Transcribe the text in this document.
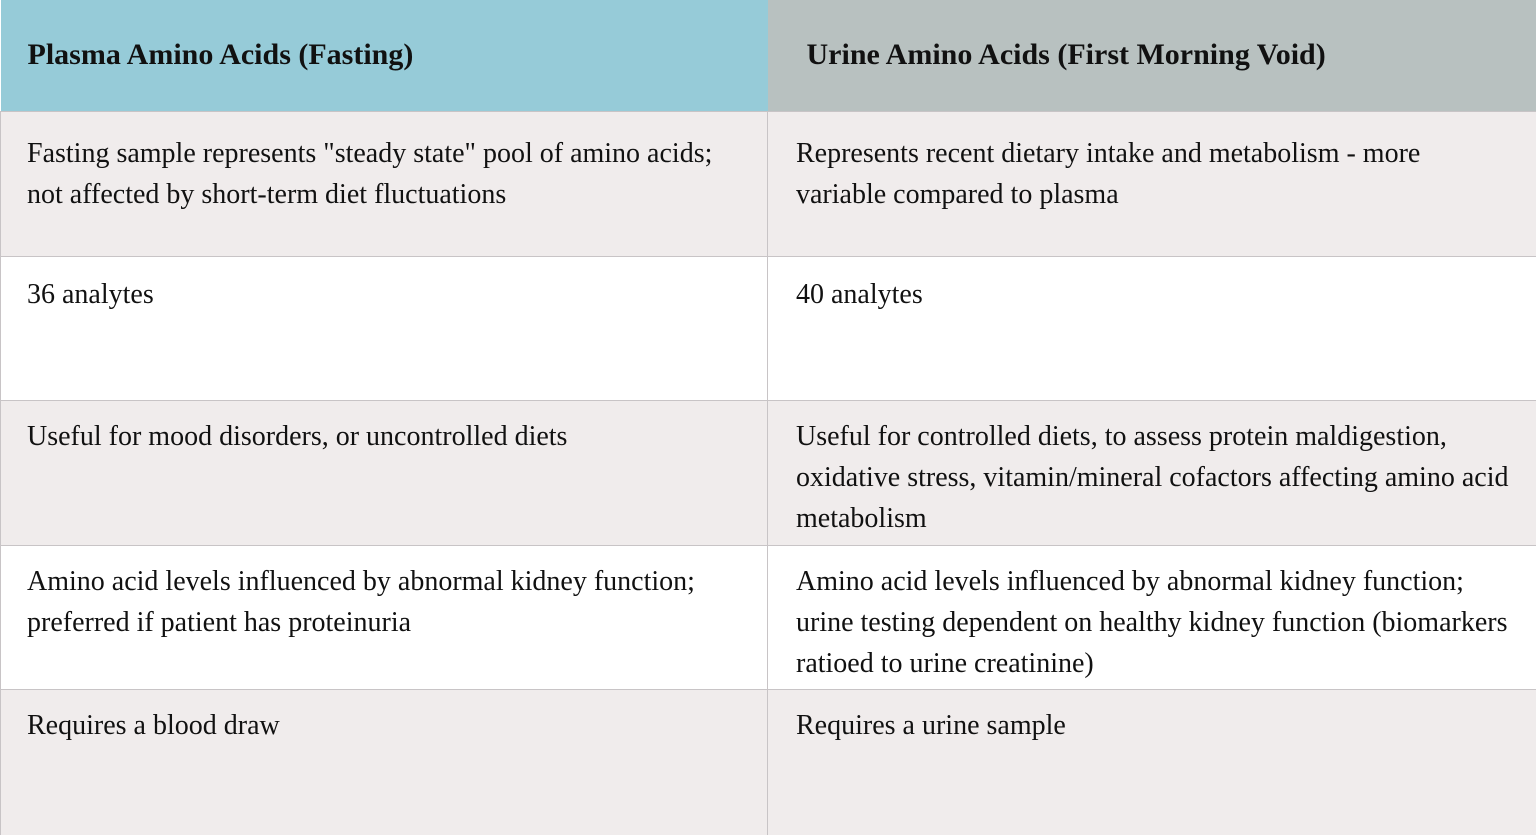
Plasma Amino Acids (Fasting)	Urine Amino Acids (First Morning Void)
Fasting sample represents "steady state" pool of amino acids; not affected by short-term diet fluctuations	Represents recent dietary intake and metabolism - more variable compared to plasma
36 analytes	40 analytes
Useful for mood disorders, or uncontrolled diets	Useful for controlled diets, to assess protein maldigestion, oxidative stress, vitamin/mineral cofactors affecting amino acid metabolism
Amino acid levels influenced by abnormal kidney function; preferred if patient has proteinuria	Amino acid levels influenced by abnormal kidney function; urine testing dependent on healthy kidney function (biomarkers ratioed to urine creatinine)
Requires a blood draw	Requires a urine sample
